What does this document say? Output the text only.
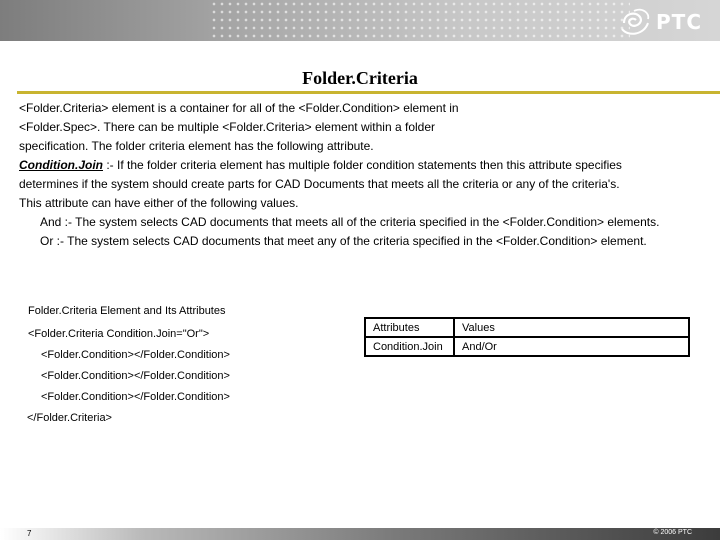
PTC
Folder.Criteria

<Folder.Criteria> element is a container for all of the <Folder.Condition> element in

<Folder.Spec>. There can be multiple <Folder.Criteria> element within a folder

specification. The folder criteria element has the following attribute.

Condition.Join :- If the folder criteria element has multiple folder condition statements then this attribute specifies

determines if the system should create parts for CAD Documents that meets all the criteria or any of the criteria's.

This attribute can have either of the following values.

And :- The system selects CAD documents that meets all of the criteria specified in the <Folder.Condition> elements.

Or :- The system selects CAD documents that meet any of the criteria specified in the <Folder.Condition> element.

Folder.Criteria Element and Its Attributes

<Folder.Criteria Condition.Join="Or">

<Folder.Condition></Folder.Condition>

<Folder.Condition></Folder.Condition>

<Folder.Condition></Folder.Condition>

</Folder.Criteria>

Attributes	Values
Condition.Join	And/Or
7	© 2006 PTC
